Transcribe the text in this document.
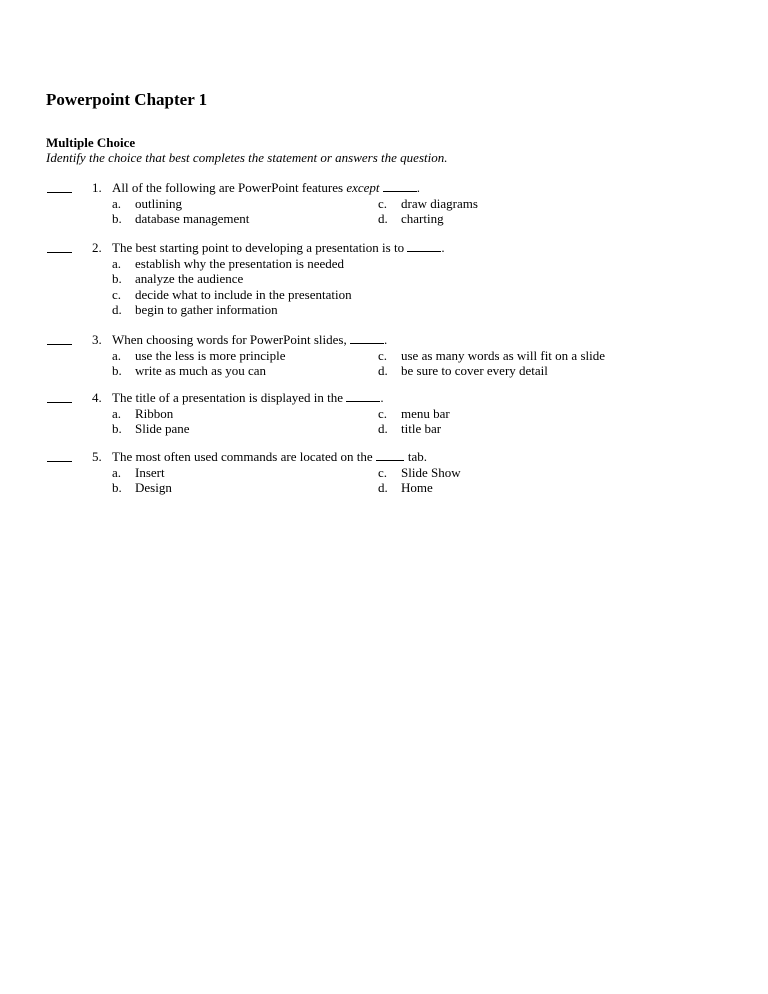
Powerpoint Chapter 1
Multiple Choice
Identify the choice that best completes the statement or answers the question.
1. All of the following are PowerPoint features except	.
a. outlining
b. database management
c. draw diagrams
d. charting
2. The best starting point to developing a presentation is to	.
a. establish why the presentation is needed
b. analyze the audience
c. decide what to include in the presentation
d. begin to gather information
3. When choosing words for PowerPoint slides,	.
a. use the less is more principle
b. write as much as you can
c. use as many words as will fit on a slide
d. be sure to cover every detail
4. The title of a presentation is displayed in the	.
a. Ribbon
b. Slide pane
c. menu bar
d. title bar
5. The most often used commands are located on the tab.
a. Insert
b. Design
c. Slide Show
d. Home
